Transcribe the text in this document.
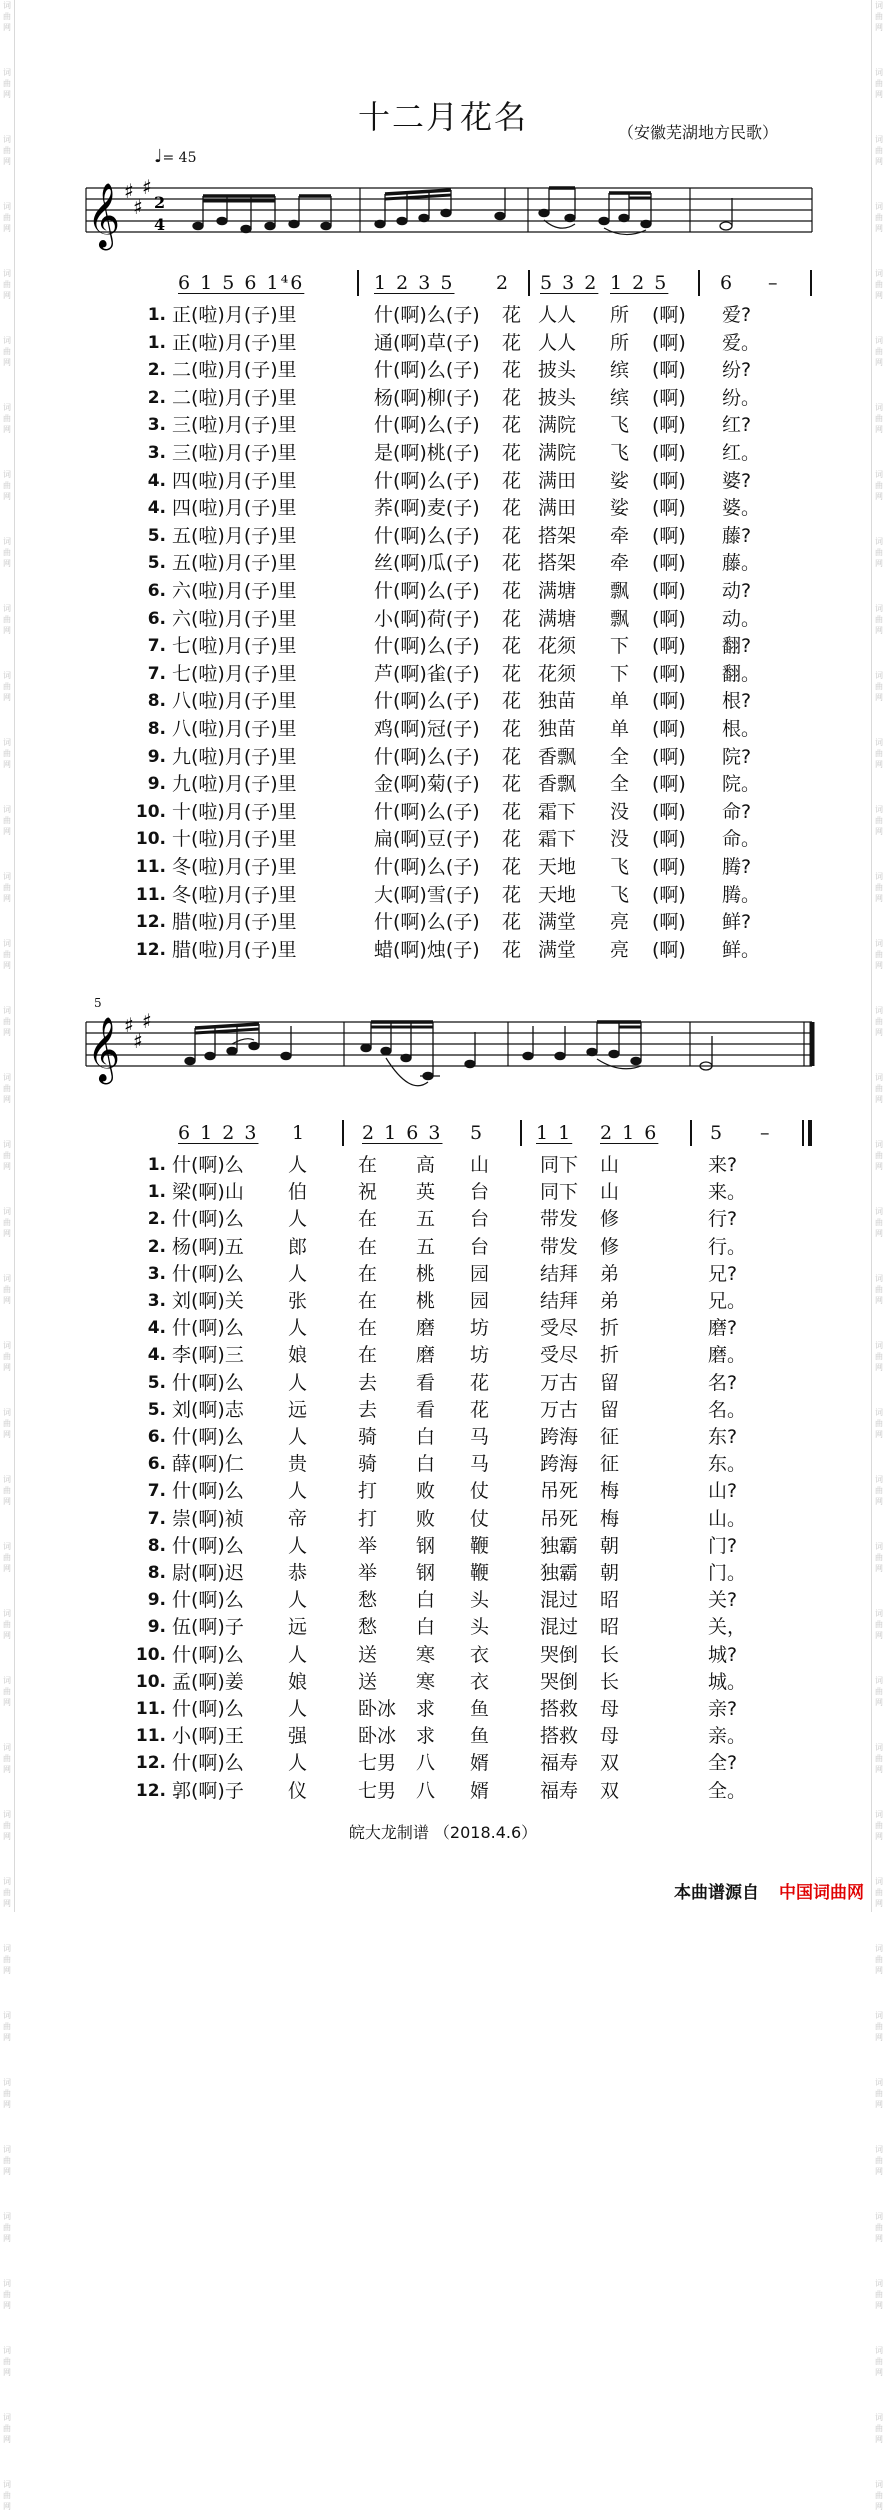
词曲网
词曲网
词曲网
词曲网
词曲网
词曲网
词曲网
词曲网
词曲网
词曲网
词曲网
词曲网
词曲网
词曲网
词曲网
词曲网
词曲网
词曲网
词曲网
词曲网
词曲网
词曲网
词曲网
词曲网
词曲网
词曲网
词曲网
词曲网
词曲网
词曲网
词曲网
词曲网
词曲网
词曲网
词曲网
词曲网
词曲网
词曲网
词曲网
词曲网
词曲网
词曲网
词曲网
词曲网
词曲网
词曲网
词曲网
词曲网
词曲网
词曲网
词曲网
词曲网
词曲网
词曲网
词曲网
词曲网
词曲网
词曲网
词曲网
词曲网
词曲网
词曲网
词曲网
词曲网
词曲网
词曲网
词曲网
词曲网
词曲网
词曲网
词曲网
词曲网
词曲网
词曲网
词曲网
词曲网
十二月花名	（安徽芜湖地方民歌）
♩= 45
𝄞 ♯
♯
♯
2
4
6 1 5 6 1⁴6	1 2 3 5 2 5 3 2 1 2 5	6 –
1. 正(啦)月(子)里	什(啊)么(子) 花 人人 所 (啊) 爱?
1. 正(啦)月(子)里	通(啊)草(子) 花 人人 所 (啊) 爱。
2. 二(啦)月(子)里	什(啊)么(子) 花 披头 缤 (啊) 纷?
2. 二(啦)月(子)里	杨(啊)柳(子) 花 披头 缤 (啊) 纷。
3. 三(啦)月(子)里	什(啊)么(子) 花 满院 飞 (啊) 红?
3. 三(啦)月(子)里	是(啊)桃(子) 花 满院 飞 (啊) 红。
4. 四(啦)月(子)里	什(啊)么(子) 花 满田 娑 (啊) 婆?
4. 四(啦)月(子)里	荞(啊)麦(子) 花 满田 娑 (啊) 婆。
5. 五(啦)月(子)里	什(啊)么(子) 花 搭架 牵 (啊) 藤?
5. 五(啦)月(子)里	丝(啊)瓜(子) 花 搭架 牵 (啊) 藤。
6. 六(啦)月(子)里	什(啊)么(子) 花 满塘 飘 (啊) 动?
6. 六(啦)月(子)里	小(啊)荷(子) 花 满塘 飘 (啊) 动。
7. 七(啦)月(子)里	什(啊)么(子) 花 花须 下 (啊) 翻?
7. 七(啦)月(子)里	芦(啊)雀(子) 花 花须 下 (啊) 翻。
8. 八(啦)月(子)里	什(啊)么(子) 花 独苗 单 (啊) 根?
8. 八(啦)月(子)里	鸡(啊)冠(子) 花 独苗 单 (啊) 根。
9. 九(啦)月(子)里	什(啊)么(子) 花 香飘 全 (啊) 院?
9. 九(啦)月(子)里	金(啊)菊(子) 花 香飘 全 (啊) 院。
10. 十(啦)月(子)里	什(啊)么(子) 花 霜下 没 (啊) 命?
10. 十(啦)月(子)里	扁(啊)豆(子) 花 霜下 没 (啊) 命。
11. 冬(啦)月(子)里	什(啊)么(子) 花 天地 飞 (啊) 腾?
11. 冬(啦)月(子)里	大(啊)雪(子) 花 天地 飞 (啊) 腾。
12. 腊(啦)月(子)里	什(啊)么(子) 花 满堂 亮 (啊) 鲜?
12. 腊(啦)月(子)里	蜡(啊)烛(子) 花 满堂 亮 (啊) 鲜。
5
𝄞 ♯
♯
♯
6 1 2 3 1	2 1 6 3 5	1 1 2 1 6	5 –
1. 什(啊)么 人	在 高 山	同下 山	来?
1. 梁(啊)山 伯	祝 英 台	同下 山	来。
2. 什(啊)么 人	在 五 台	带发 修	行?
2. 杨(啊)五 郎	在 五 台	带发 修	行。
3. 什(啊)么 人	在 桃 园	结拜 弟	兄?
3. 刘(啊)关 张	在 桃 园	结拜 弟	兄。
4. 什(啊)么 人	在 磨 坊	受尽 折	磨?
4. 李(啊)三 娘	在 磨 坊	受尽 折	磨。
5. 什(啊)么 人	去 看 花	万古 留	名?
5. 刘(啊)志 远	去 看 花	万古 留	名。
6. 什(啊)么 人	骑 白 马	跨海 征	东?
6. 薛(啊)仁 贵	骑 白 马	跨海 征	东。
7. 什(啊)么 人	打 败 仗	吊死 梅	山?
7. 崇(啊)祯 帝	打 败 仗	吊死 梅	山。
8. 什(啊)么 人	举 钢 鞭	独霸 朝	门?
8. 尉(啊)迟 恭	举 钢 鞭	独霸 朝	门。
9. 什(啊)么 人	愁 白 头	混过 昭	关?
9. 伍(啊)子 远	愁 白 头	混过 昭	关，
10. 什(啊)么 人	送 寒 衣	哭倒 长	城?
10. 孟(啊)姜 娘	送 寒 衣	哭倒 长	城。
11. 什(啊)么 人	卧冰 求 鱼	搭救 母	亲?
11. 小(啊)王 强	卧冰 求 鱼	搭救 母	亲。
12. 什(啊)么 人	七男 八 婿	福寿 双	全?
12. 郭(啊)子 仪	七男 八 婿	福寿 双	全。
皖大龙制谱 （2018.4.6）
本曲谱源自 中国词曲网
